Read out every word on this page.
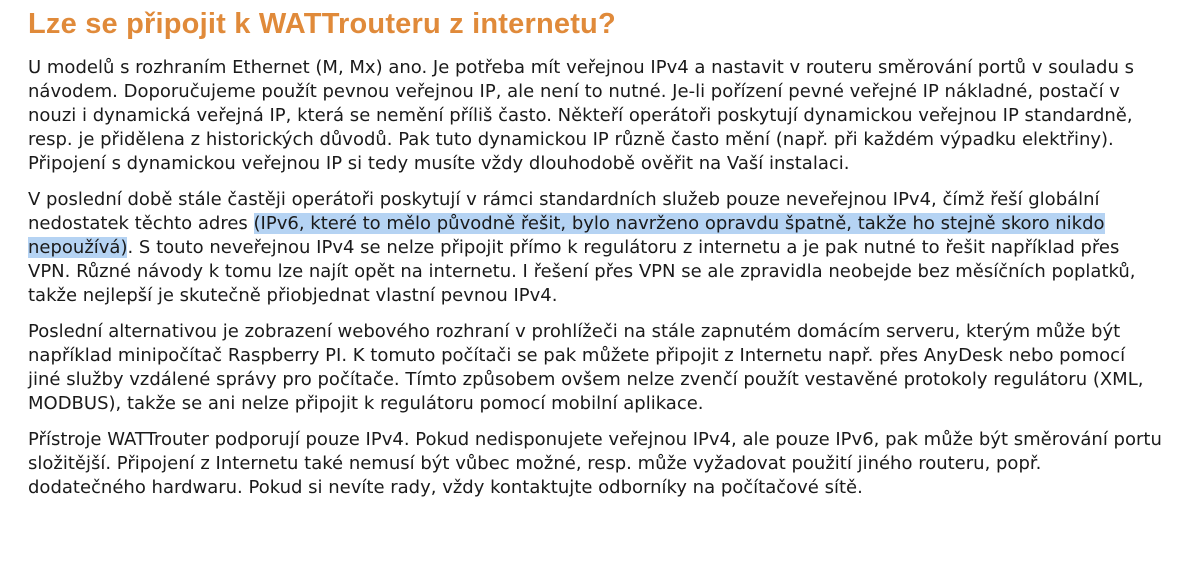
Lze se připojit k WATTrouteru z internetu?

U modelů s rozhraním Ethernet (M, Mx) ano. Je potřeba mít veřejnou IPv4 a nastavit v routeru směrování portů v souladu s návodem. Doporučujeme použít pevnou veřejnou IP, ale není to nutné. Je-li pořízení pevné veřejné IP nákladné, postačí v nouzi i dynamická veřejná IP, která se nemění příliš často. Někteří operátoři poskytují dynamickou veřejnou IP standardně, resp. je přidělena z historických důvodů. Pak tuto dynamickou IP různě často mění (např. při každém výpadku elektřiny). Připojení s dynamickou veřejnou IP si tedy musíte vždy dlouhodobě ověřit na Vaší instalaci.

V poslední době stále častěji operátoři poskytují v rámci standardních služeb pouze neveřejnou IPv4, čímž řeší globální nedostatek těchto adres (IPv6, které to mělo původně řešit, bylo navrženo opravdu špatně, takže ho stejně skoro nikdo nepoužívá). S touto neveřejnou IPv4 se nelze připojit přímo k regulátoru z internetu a je pak nutné to řešit například přes VPN. Různé návody k tomu lze najít opět na internetu. I řešení přes VPN se ale zpravidla neobejde bez měsíčních poplatků, takže nejlepší je skutečně přiobjednat vlastní pevnou IPv4.

Poslední alternativou je zobrazení webového rozhraní v prohlížeči na stále zapnutém domácím serveru, kterým může být například minipočítač Raspberry PI. K tomuto počítači se pak můžete připojit z Internetu např. přes AnyDesk nebo pomocí jiné služby vzdálené správy pro počítače. Tímto způsobem ovšem nelze zvenčí použít vestavěné protokoly regulátoru (XML, MODBUS), takže se ani nelze připojit k regulátoru pomocí mobilní aplikace.

Přístroje WATTrouter podporují pouze IPv4. Pokud nedisponujete veřejnou IPv4, ale pouze IPv6, pak může být směrování portu složitější. Připojení z Internetu také nemusí být vůbec možné, resp. může vyžadovat použití jiného routeru, popř. dodatečného hardwaru. Pokud si nevíte rady, vždy kontaktujte odborníky na počítačové sítě.
